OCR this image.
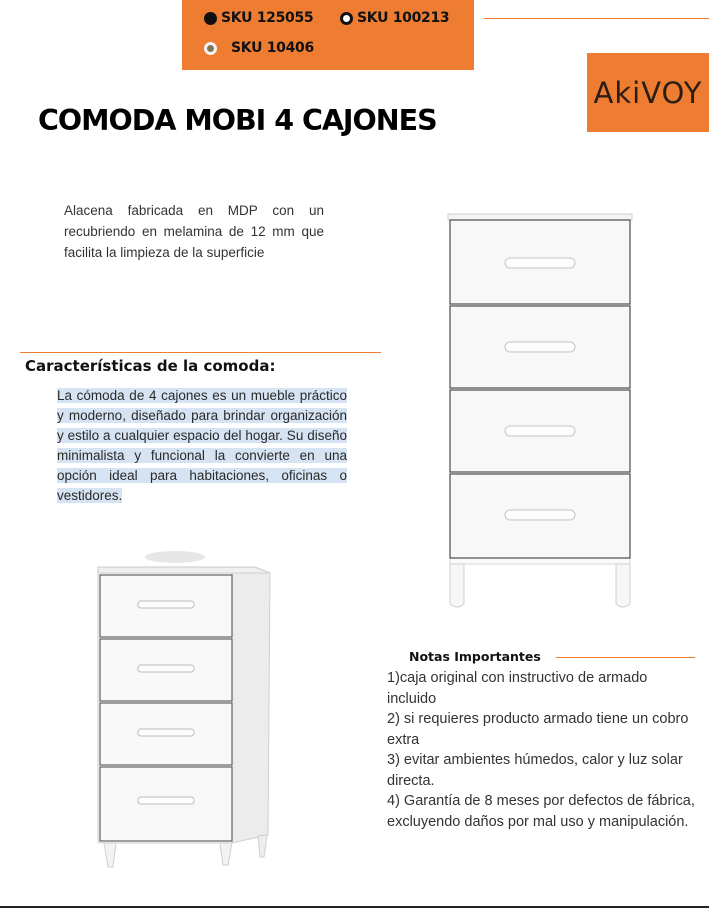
SKU 125055	SKU 100213
SKU 10406
AkiVOY
COMODA MOBI 4 CAJONES

Alacena fabricada en MDP con un recubriendo en melamina de 12 mm que facilita la limpieza de la superficie

Características de la comoda:

La cómoda de 4 cajones es un mueble práctico y moderno, diseñado para brindar organización y estilo a cualquier espacio del hogar. Su diseño minimalista y funcional la convierte en una opción ideal para habitaciones, oficinas o vestidores.

Notas Importantes
1)caja original con instructivo de armado incluido
2) si requieres producto armado tiene un cobro extra
3) evitar ambientes húmedos, calor y luz solar directa.
4) Garantía de 8 meses por defectos de fábrica, excluyendo daños por mal uso y manipulación.
